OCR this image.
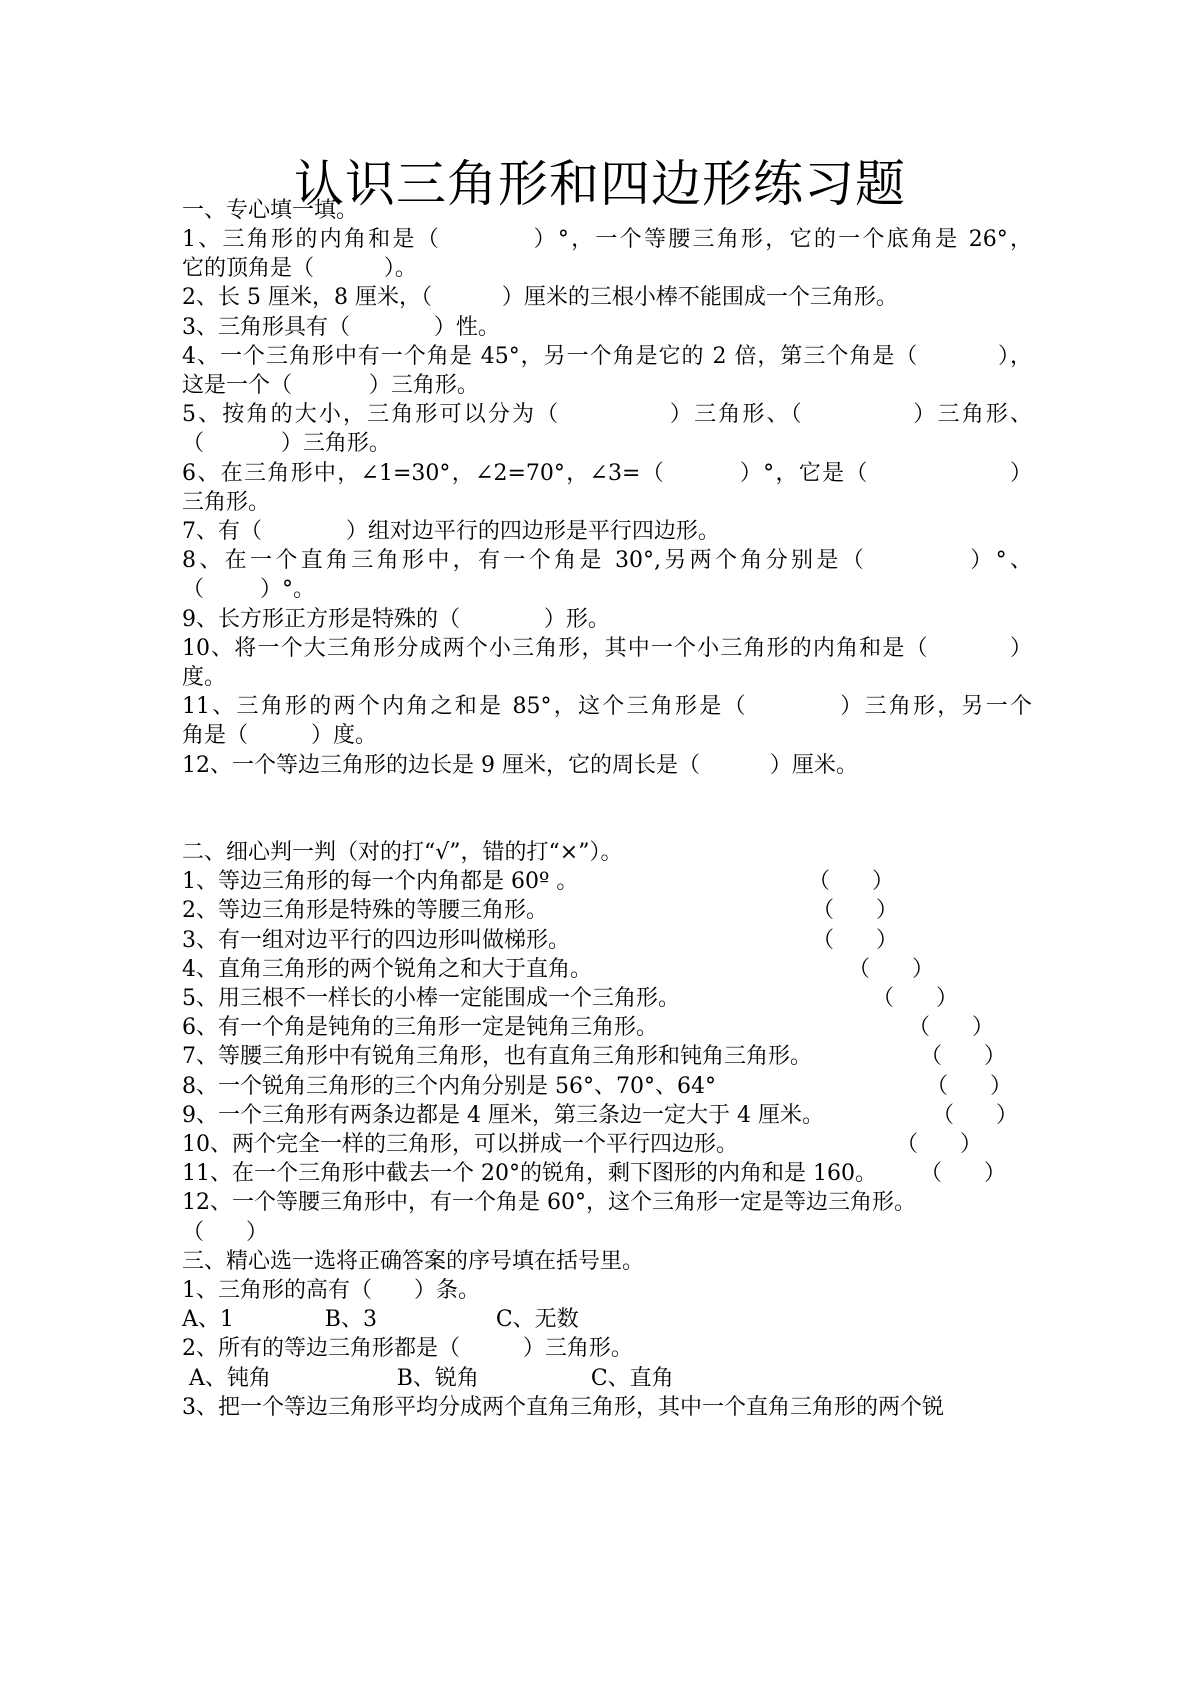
认识三角形和四边形练习题
一、专心填一填。
1、三角形的内角和是（          ）°，一个等腰三角形，它的一个底角是 26°，
它的顶角是（          ）。
2、长 5 厘米，8 厘米，（          ）厘米的三根小棒不能围成一个三角形。
3、三角形具有（            ）性。
4、一个三角形中有一个角是 45°，另一个角是它的 2 倍，第三个角是（          ），
这是一个（           ）三角形。
5、按角的大小，三角形可以分为（            ）三角形、（            ）三角形、
（           ）三角形。
6、在三角形中，∠1=30°，∠2=70°，∠3=（         ）°，它是（                 ）
三角形。
7、有（            ）组对边平行的四边形是平行四边形。
8、在一个直角三角形中，有一个角是 30°,另两个角分别是（          ）°、
（        ）°。
9、长方形正方形是特殊的（            ）形。
10、将一个大三角形分成两个小三角形，其中一个小三角形的内角和是（          ）
度。
11、三角形的两个内角之和是 85°，这个三角形是（          ）三角形，另一个
角是（         ）度。
12、一个等边三角形的边长是 9 厘米，它的周长是（          ）厘米。
二、细心判一判（对的打“√”，错的打“×”）。
1、等边三角形的每一个内角都是 60º 。	（      ）
2、等边三角形是特殊的等腰三角形。	（      ）
3、有一组对边平行的四边形叫做梯形。	（      ）
4、直角三角形的两个锐角之和大于直角。	（      ）
5、用三根不一样长的小棒一定能围成一个三角形。	（      ）
6、有一个角是钝角的三角形一定是钝角三角形。	（      ）
7、等腰三角形中有锐角三角形，也有直角三角形和钝角三角形。	（      ）
8、一个锐角三角形的三个内角分别是 56°、70°、64°	（      ）
9、一个三角形有两条边都是 4 厘米，第三条边一定大于 4 厘米。	（      ）
10、两个完全一样的三角形，可以拼成一个平行四边形。	（      ）
11、在一个三角形中截去一个 20°的锐角，剩下图形的内角和是 160。	（      ）
12、一个等腰三角形中，有一个角是 60°，这个三角形一定是等边三角形。
（      ）
三、精心选一选将正确答案的序号填在括号里。
1、三角形的高有（      ）条。
A、1             B、3                 C、无数
2、所有的等边三角形都是（         ）三角形。
A、钝角                  B、锐角                C、直角
3、把一个等边三角形平均分成两个直角三角形，其中一个直角三角形的两个锐
